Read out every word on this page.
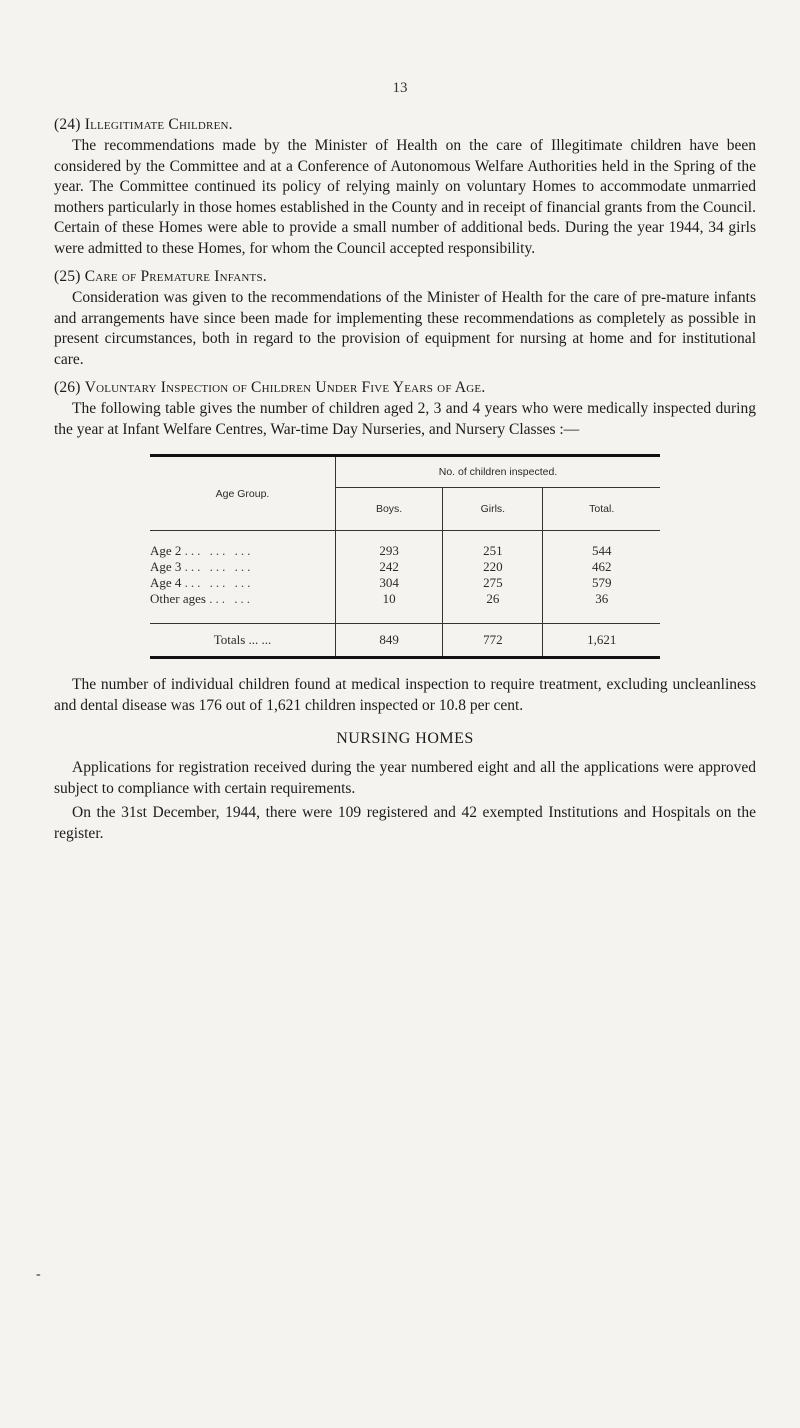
13

(24) Illegitimate Children.

The recommendations made by the Minister of Health on the care of Illegitimate children have been considered by the Committee and at a Conference of Autonomous Welfare Authorities held in the Spring of the year. The Committee continued its policy of relying mainly on voluntary Homes to accommodate unmarried mothers particularly in those homes established in the County and in receipt of financial grants from the Council. Certain of these Homes were able to provide a small number of additional beds. During the year 1944, 34 girls were admitted to these Homes, for whom the Council accepted responsibility.

(25) Care of Premature Infants.

Consideration was given to the recommendations of the Minister of Health for the care of pre-mature infants and arrangements have since been made for implementing these recommendations as completely as possible in present circumstances, both in regard to the provision of equipment for nursing at home and for institutional care.

(26) Voluntary Inspection of Children Under Five Years of Age.

The following table gives the number of children aged 2, 3 and 4 years who were medically inspected during the year at Infant Welfare Centres, War-time Day Nurseries, and Nursery Classes :—

Age Group.	No. of children inspected.		
	Boys.	Girls.	Total.

Age 2 ... ... ...	293	251	544
Age 3 ... ... ...	242	220	462
Age 4 ... ... ...	304	275	579
Other ages ... ...	10	26	36

Totals ... ...	849	772	1,621

The number of individual children found at medical inspection to require treatment, excluding uncleanliness and dental disease was 176 out of 1,621 children inspected or 10.8 per cent.

NURSING HOMES

Applications for registration received during the year numbered eight and all the applications were approved subject to compliance with certain requirements.

On the 31st December, 1944, there were 109 registered and 42 exempted Institutions and Hospitals on the register.

-
